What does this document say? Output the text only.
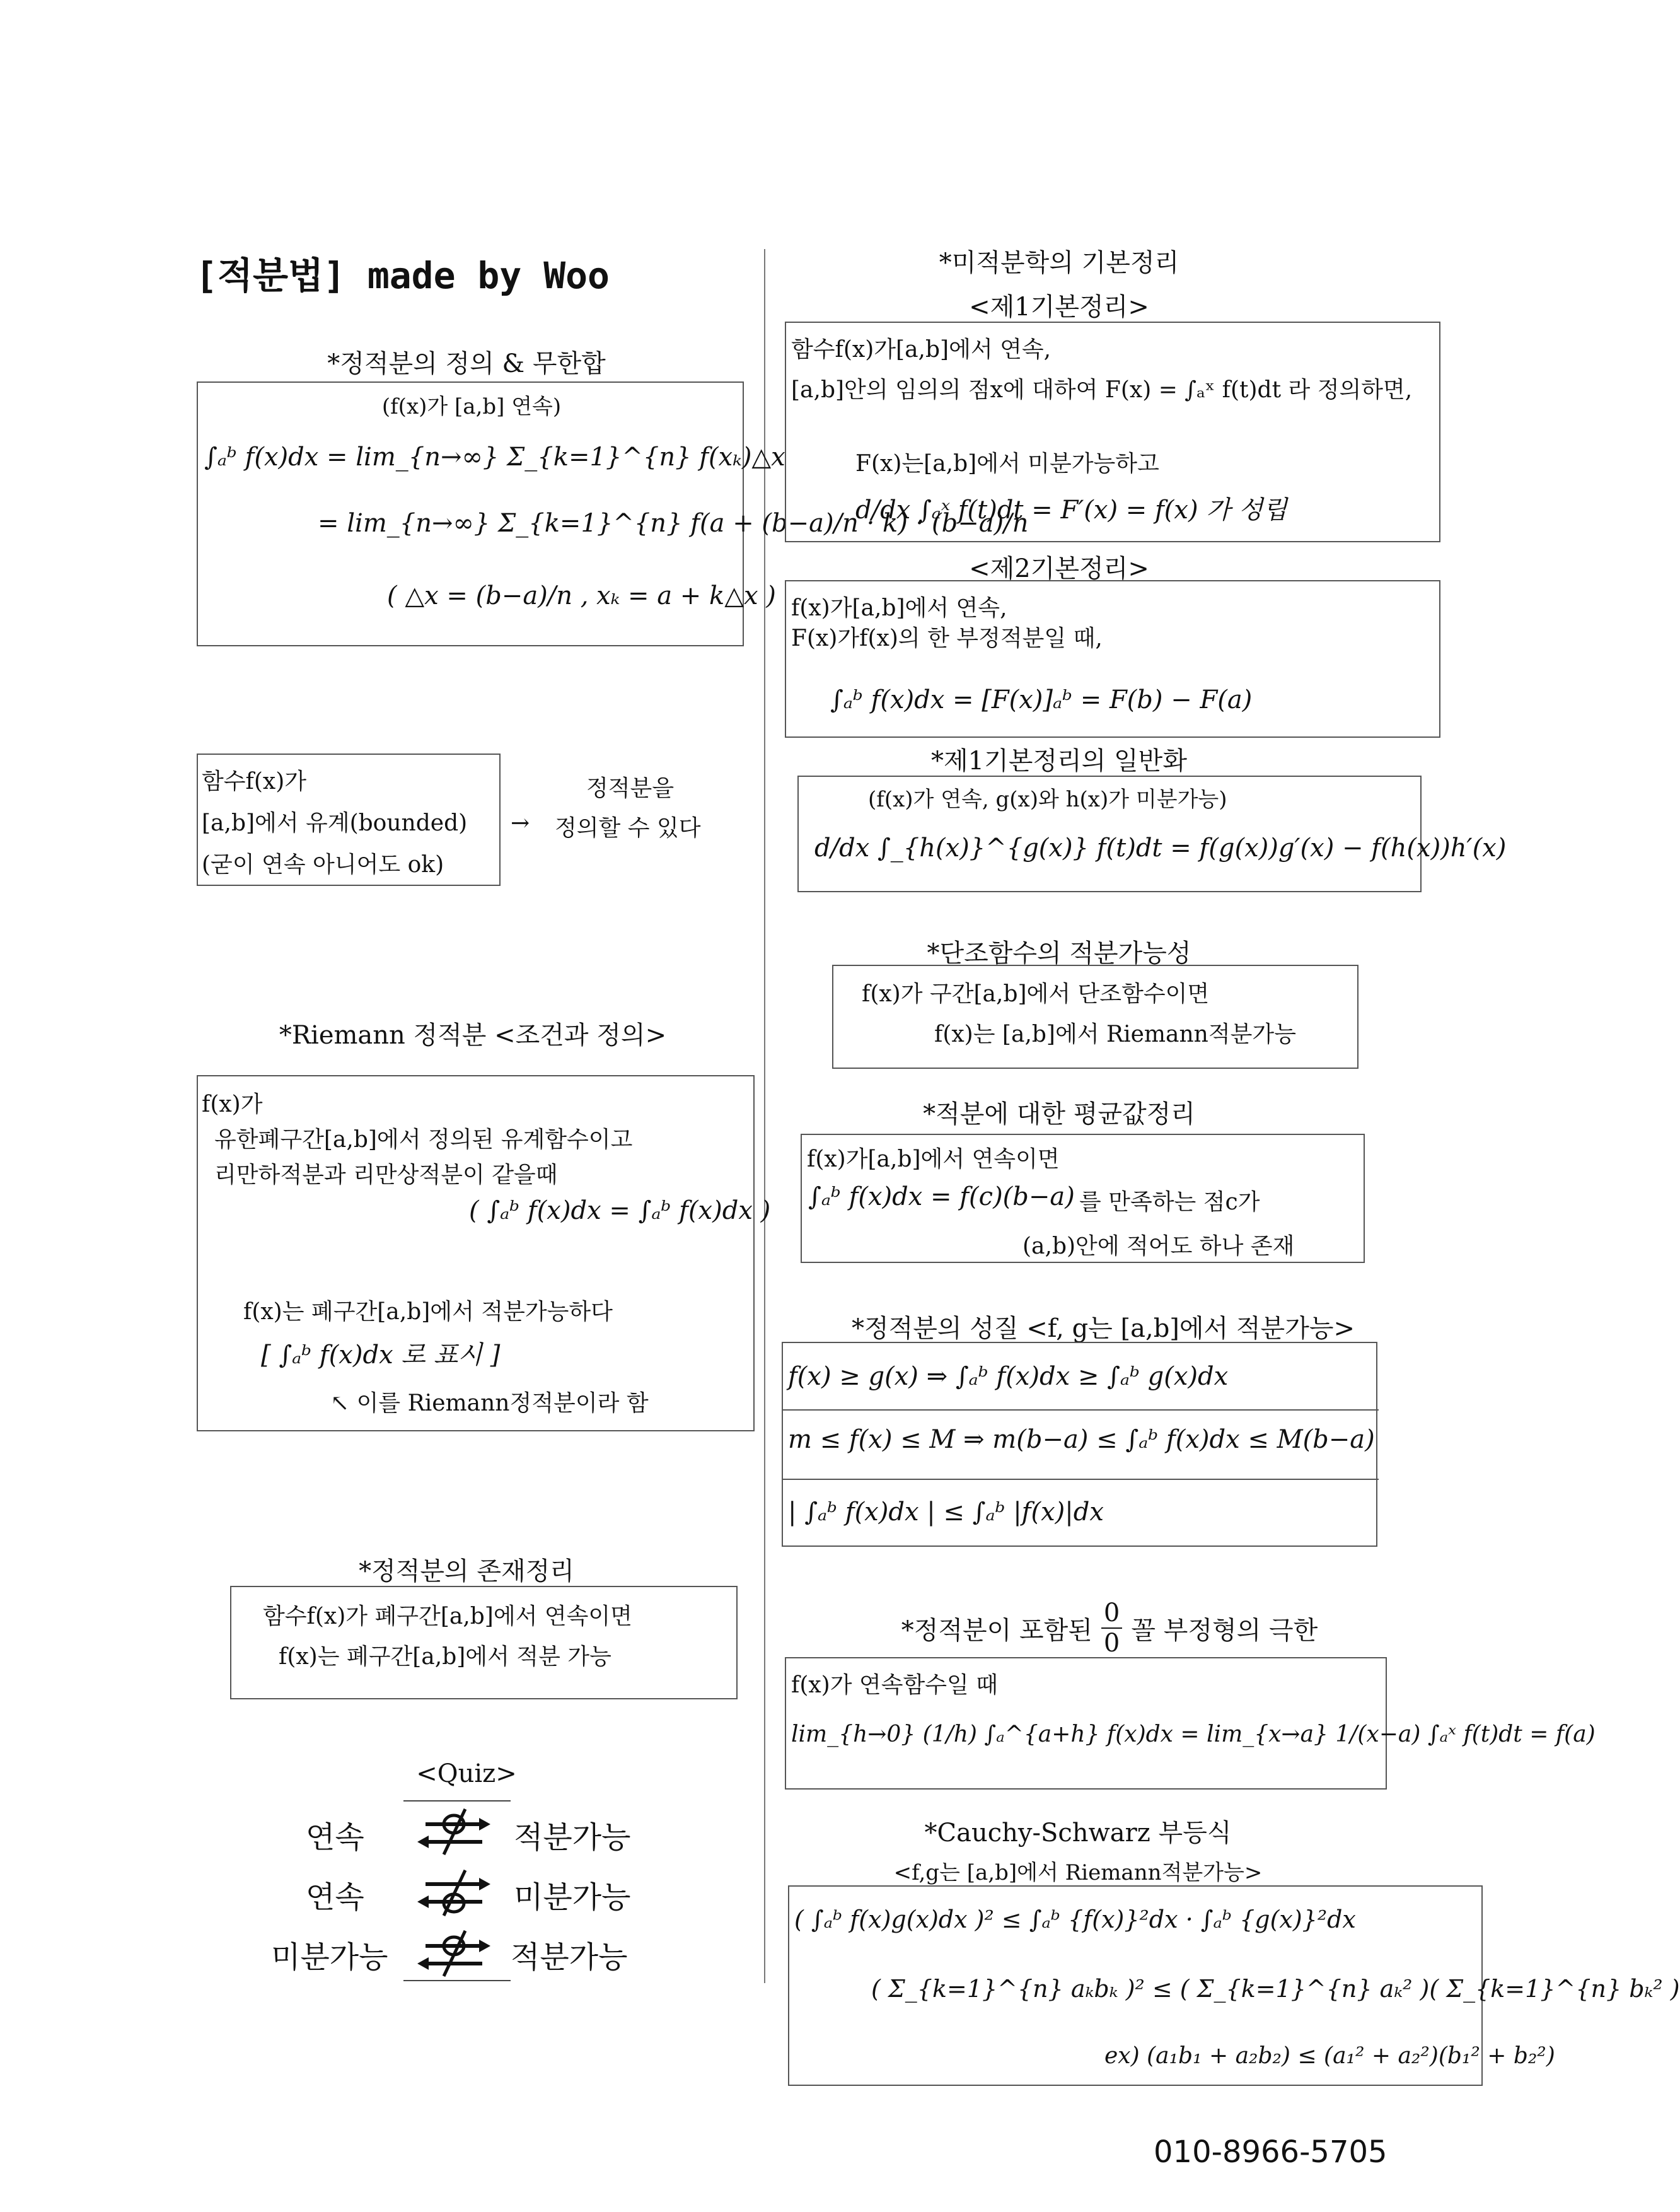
[적분법] made by Woo
*정적분의 정의 & 무한합
(f(x)가 [a,b] 연속)
∫ₐᵇ f(x)dx = lim_{n→∞} Σ_{k=1}^{n} f(xₖ)△x
= lim_{n→∞} Σ_{k=1}^{n} f(a + (b−a)/n · k) · (b−a)/n
( △x = (b−a)/n , xₖ = a + k△x )
함수f(x)가
[a,b]에서 유계(bounded)
(굳이 연속 아니어도 ok)
→
정적분을
정의할 수 있다
*Riemann 정적분 <조건과 정의>
f(x)가
유한폐구간[a,b]에서 정의된 유계함수이고
리만하적분과 리만상적분이 같을때
( ∫ₐᵇ f(x)dx = ∫ₐᵇ f(x)dx )
f(x)는 폐구간[a,b]에서 적분가능하다
[ ∫ₐᵇ f(x)dx 로 표시 ]
↖ 이를 Riemann정적분이라 함
*정적분의 존재정리
함수f(x)가 폐구간[a,b]에서 연속이면
f(x)는 폐구간[a,b]에서 적분 가능
<Quiz>
연속	적분가능
연속	미분가능
미분가능	적분가능
*미적분학의 기본정리
<제1기본정리>
함수f(x)가[a,b]에서 연속,
[a,b]안의 임의의 점x에 대하여 F(x) = ∫ₐˣ f(t)dt 라 정의하면,
F(x)는[a,b]에서 미분가능하고
d/dx ∫ₐˣ f(t)dt = F′(x) = f(x) 가 성립
<제2기본정리>
f(x)가[a,b]에서 연속,
F(x)가f(x)의 한 부정적분일 때,
∫ₐᵇ f(x)dx = [F(x)]ₐᵇ = F(b) − F(a)
*제1기본정리의 일반화
(f(x)가 연속, g(x)와 h(x)가 미분가능)
d/dx ∫_{h(x)}^{g(x)} f(t)dt = f(g(x))g′(x) − f(h(x))h′(x)
*단조함수의 적분가능성
f(x)가 구간[a,b]에서 단조함수이면
f(x)는 [a,b]에서 Riemann적분가능
*적분에 대한 평균값정리
f(x)가[a,b]에서 연속이면
∫ₐᵇ f(x)dx = f(c)(b−a) 를 만족하는 점c가
(a,b)안에 적어도 하나 존재
*정적분의 성질 <f, g는 [a,b]에서 적분가능>
f(x) ≥ g(x) ⇒ ∫ₐᵇ f(x)dx ≥ ∫ₐᵇ g(x)dx
m ≤ f(x) ≤ M ⇒ m(b−a) ≤ ∫ₐᵇ f(x)dx ≤ M(b−a)
| ∫ₐᵇ f(x)dx | ≤ ∫ₐᵇ |f(x)|dx
*정적분이 포함된 $\frac{0}{0}$ 꼴 부정형의 극한
f(x)가 연속함수일 때
lim_{h→0} (1/h) ∫ₐ^{a+h} f(x)dx = lim_{x→a} 1/(x−a) ∫ₐˣ f(t)dt = f(a)
*Cauchy-Schwarz 부등식
<f,g는 [a,b]에서 Riemann적분가능>
( ∫ₐᵇ f(x)g(x)dx )² ≤ ∫ₐᵇ {f(x)}²dx · ∫ₐᵇ {g(x)}²dx
( Σ_{k=1}^{n} aₖbₖ )² ≤ ( Σ_{k=1}^{n} aₖ² )( Σ_{k=1}^{n} bₖ² )
ex) (a₁b₁ + a₂b₂) ≤ (a₁² + a₂²)(b₁² + b₂²)
010-8966-5705
